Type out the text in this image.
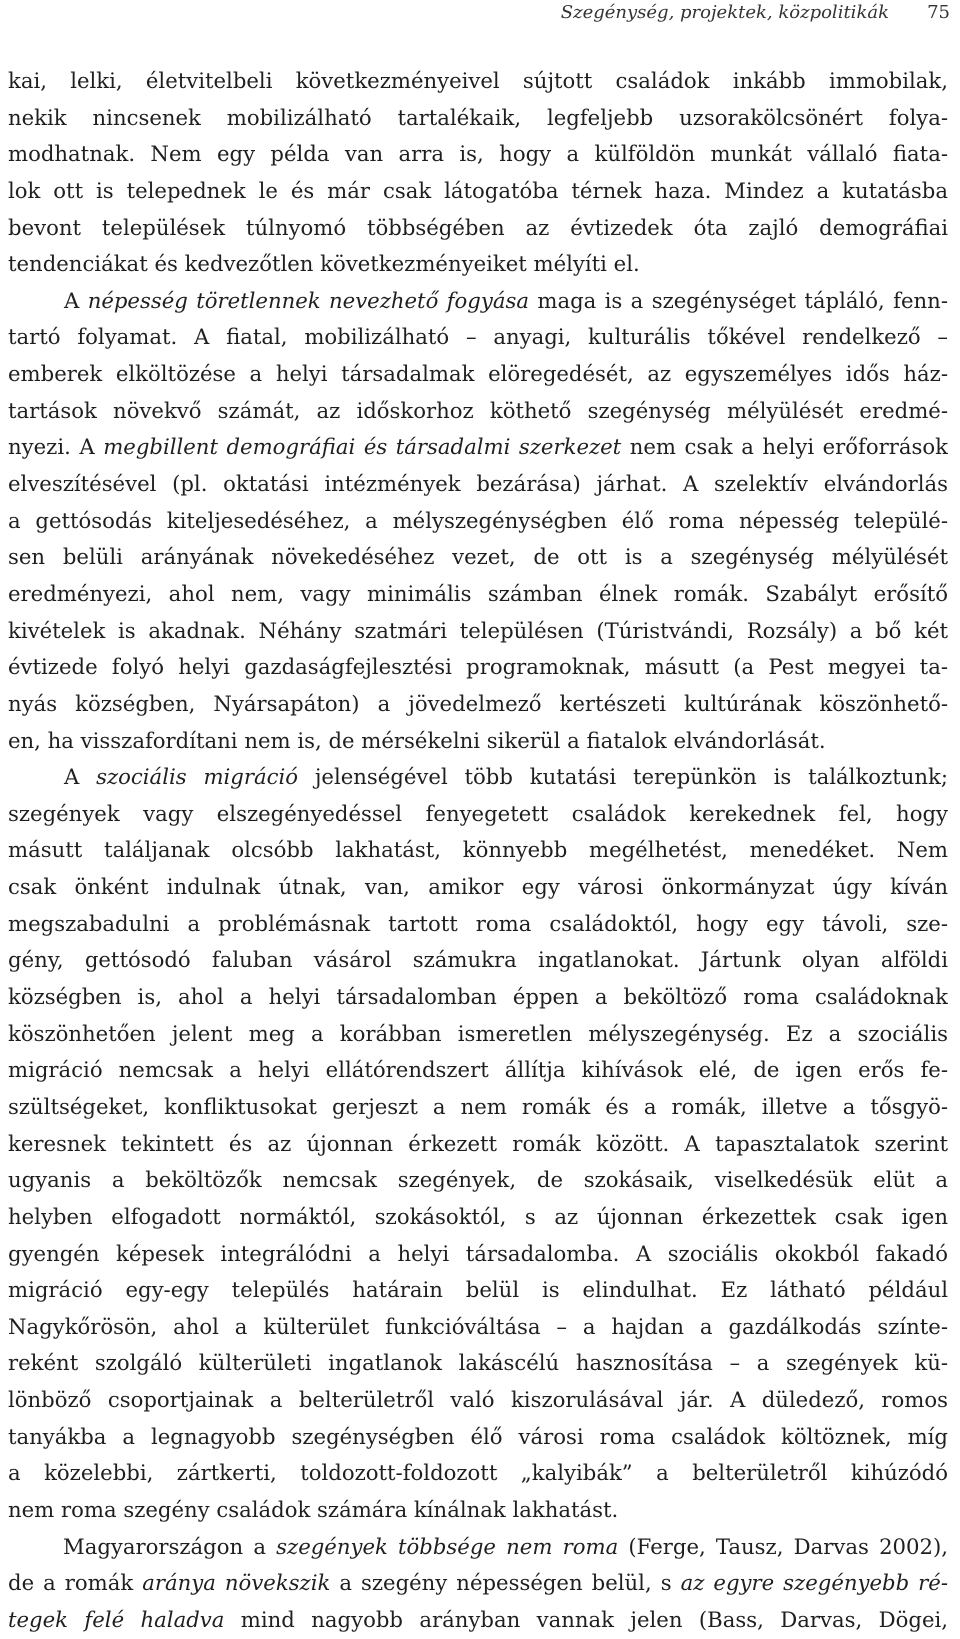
Szegénység, projektek, közpolitikák 75
kai, lelki, életvitelbeli következményeivel sújtott családok inkább immobilak,
nekik nincsenek mobilizálható tartalékaik, legfeljebb uzsorakölcsönért folya-
modhatnak. Nem egy példa van arra is, hogy a külföldön munkát vállaló fiata-
lok ott is telepednek le és már csak látogatóba térnek haza. Mindez a kutatásba
bevont települések túlnyomó többségében az évtizedek óta zajló demográfiai
tendenciákat és kedvezőtlen következményeiket mélyíti el.
A népesség töretlennek nevezhető fogyása maga is a szegénységet tápláló, fenn-
tartó folyamat. A fiatal, mobilizálható – anyagi, kulturális tőkével rendelkező –
emberek elköltözése a helyi társadalmak elöregedését, az egyszemélyes idős ház-
tartások növekvő számát, az időskorhoz köthető szegénység mélyülését eredmé-
nyezi. A megbillent demográfiai és társadalmi szerkezet nem csak a helyi erőforrások
elveszítésével (pl. oktatási intézmények bezárása) járhat. A szelektív elvándorlás
a gettósodás kiteljesedéséhez, a mélyszegénységben élő roma népesség települé-
sen belüli arányának növekedéséhez vezet, de ott is a szegénység mélyülését
eredményezi, ahol nem, vagy minimális számban élnek romák. Szabályt erősítő
kivételek is akadnak. Néhány szatmári településen (Túristvándi, Rozsály) a bő két
évtizede folyó helyi gazdaságfejlesztési programoknak, másutt (a Pest megyei ta-
nyás községben, Nyársapáton) a jövedelmező kertészeti kultúrának köszönhető-
en, ha visszafordítani nem is, de mérsékelni sikerül a fiatalok elvándorlását.
A szociális migráció jelenségével több kutatási terepünkön is találkoztunk;
szegények vagy elszegényedéssel fenyegetett családok kerekednek fel, hogy
másutt találjanak olcsóbb lakhatást, könnyebb megélhetést, menedéket. Nem
csak önként indulnak útnak, van, amikor egy városi önkormányzat úgy kíván
megszabadulni a problémásnak tartott roma családoktól, hogy egy távoli, sze-
gény, gettósodó faluban vásárol számukra ingatlanokat. Jártunk olyan alföldi
községben is, ahol a helyi társadalomban éppen a beköltöző roma családoknak
köszönhetően jelent meg a korábban ismeretlen mélyszegénység. Ez a szociális
migráció nemcsak a helyi ellátórendszert állítja kihívások elé, de igen erős fe-
szültségeket, konfliktusokat gerjeszt a nem romák és a romák, illetve a tősgyö-
keresnek tekintett és az újonnan érkezett romák között. A tapasztalatok szerint
ugyanis a beköltözők nemcsak szegények, de szokásaik, viselkedésük elüt a
helyben elfogadott normáktól, szokásoktól, s az újonnan érkezettek csak igen
gyengén képesek integrálódni a helyi társadalomba. A szociális okokból fakadó
migráció egy-egy település határain belül is elindulhat. Ez látható például
Nagykőrösön, ahol a külterület funkcióváltása – a hajdan a gazdálkodás színte-
reként szolgáló külterületi ingatlanok lakáscélú hasznosítása – a szegények kü-
lönböző csoportjainak a belterületről való kiszorulásával jár. A düledező, romos
tanyákba a legnagyobb szegénységben élő városi roma családok költöznek, míg
a közelebbi, zártkerti, toldozott-foldozott „kalyibák” a belterületről kihúzódó
nem roma szegény családok számára kínálnak lakhatást.
Magyarországon a szegények többsége nem roma (Ferge, Tausz, Darvas 2002),
de a romák aránya növekszik a szegény népességen belül, s az egyre szegényebb ré-
tegek felé haladva mind nagyobb arányban vannak jelen (Bass, Darvas, Dögei,
